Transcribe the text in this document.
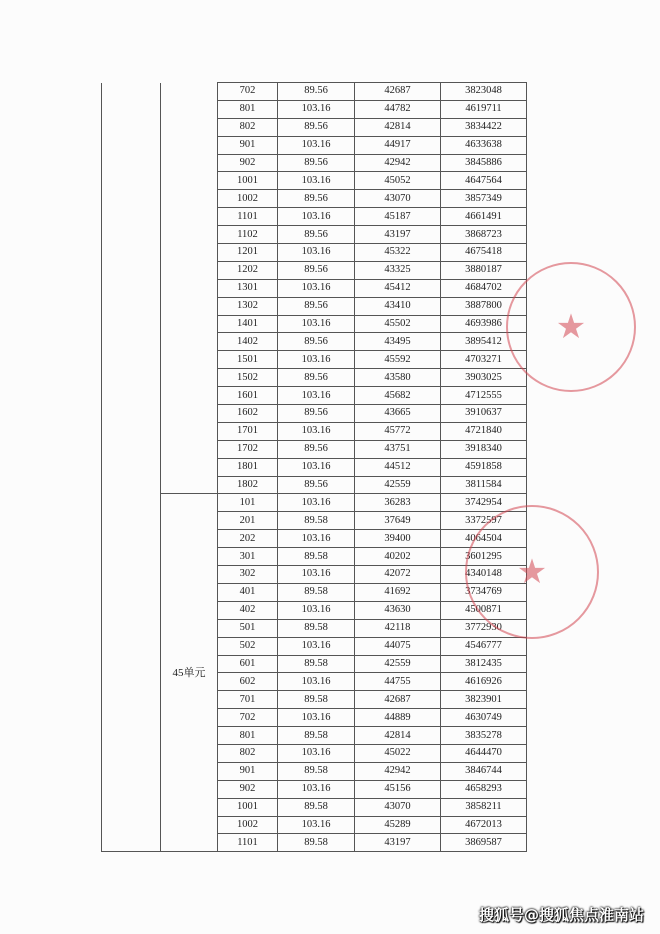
		702	89.56	42687	3823048
		801	103.16	44782	4619711
		802	89.56	42814	3834422
		901	103.16	44917	4633638
		902	89.56	42942	3845886
		1001	103.16	45052	4647564
		1002	89.56	43070	3857349
		1101	103.16	45187	4661491
		1102	89.56	43197	3868723
		1201	103.16	45322	4675418
		1202	89.56	43325	3880187
		1301	103.16	45412	4684702
		1302	89.56	43410	3887800
		1401	103.16	45502	4693986
		1402	89.56	43495	3895412
		1501	103.16	45592	4703271
		1502	89.56	43580	3903025
		1601	103.16	45682	4712555
		1602	89.56	43665	3910637
		1701	103.16	45772	4721840
		1702	89.56	43751	3918340
		1801	103.16	44512	4591858
		1802	89.56	42559	3811584
	45单元	101	103.16	36283	3742954
		201	89.58	37649	3372597
		202	103.16	39400	4064504
		301	89.58	40202	3601295
		302	103.16	42072	4340148
		401	89.58	41692	3734769
		402	103.16	43630	4500871
		501	89.58	42118	3772930
		502	103.16	44075	4546777
		601	89.58	42559	3812435
		602	103.16	44755	4616926
		701	89.58	42687	3823901
		702	103.16	44889	4630749
		801	89.58	42814	3835278
		802	103.16	45022	4644470
		901	89.58	42942	3846744
		902	103.16	45156	4658293
		1001	89.58	43070	3858211
		1002	103.16	45289	4672013
		1101	89.58	43197	3869587
★
★
搜狐号@搜狐焦点淮南站
